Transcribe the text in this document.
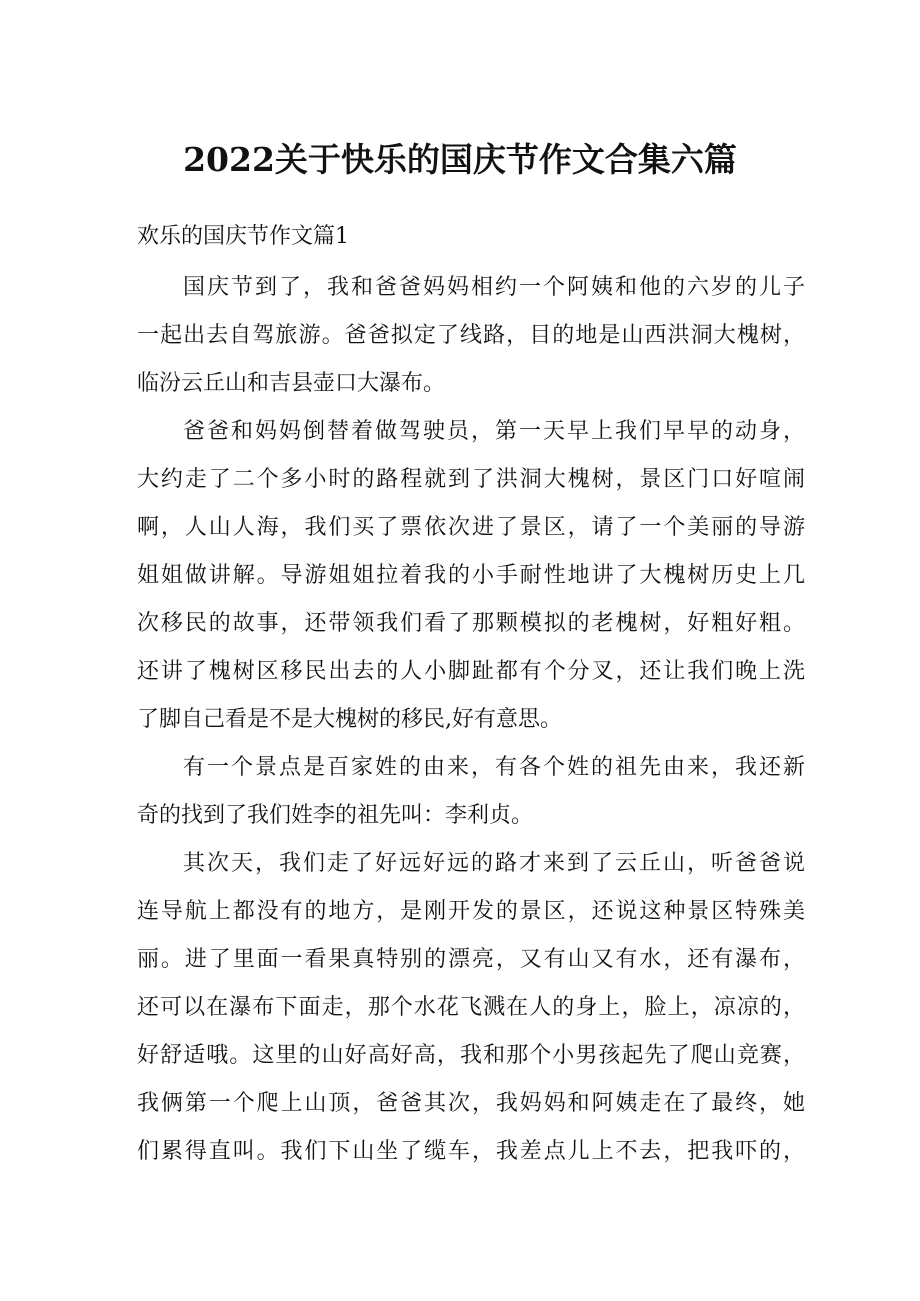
2022关于快乐的国庆节作文合集六篇
欢乐的国庆节作文篇1
国庆节到了，我和爸爸妈妈相约一个阿姨和他的六岁的儿子
一起出去自驾旅游。爸爸拟定了线路，目的地是山西洪洞大槐树，
临汾云丘山和吉县壶口大瀑布。
爸爸和妈妈倒替着做驾驶员，第一天早上我们早早的动身，
大约走了二个多小时的路程就到了洪洞大槐树，景区门口好喧闹
啊，人山人海，我们买了票依次进了景区，请了一个美丽的导游
姐姐做讲解。导游姐姐拉着我的小手耐性地讲了大槐树历史上几
次移民的故事，还带领我们看了那颗模拟的老槐树，好粗好粗。
还讲了槐树区移民出去的人小脚趾都有个分叉，还让我们晚上洗
了脚自己看是不是大槐树的移民,好有意思。
有一个景点是百家姓的由来，有各个姓的祖先由来，我还新
奇的找到了我们姓李的祖先叫：李利贞。
其次天，我们走了好远好远的路才来到了云丘山，听爸爸说
连导航上都没有的地方，是刚开发的景区，还说这种景区特殊美
丽。进了里面一看果真特别的漂亮，又有山又有水，还有瀑布，
还可以在瀑布下面走，那个水花飞溅在人的身上，脸上，凉凉的，
好舒适哦。这里的山好高好高，我和那个小男孩起先了爬山竞赛，
我俩第一个爬上山顶，爸爸其次，我妈妈和阿姨走在了最终，她
们累得直叫。我们下山坐了缆车，我差点儿上不去，把我吓的，
